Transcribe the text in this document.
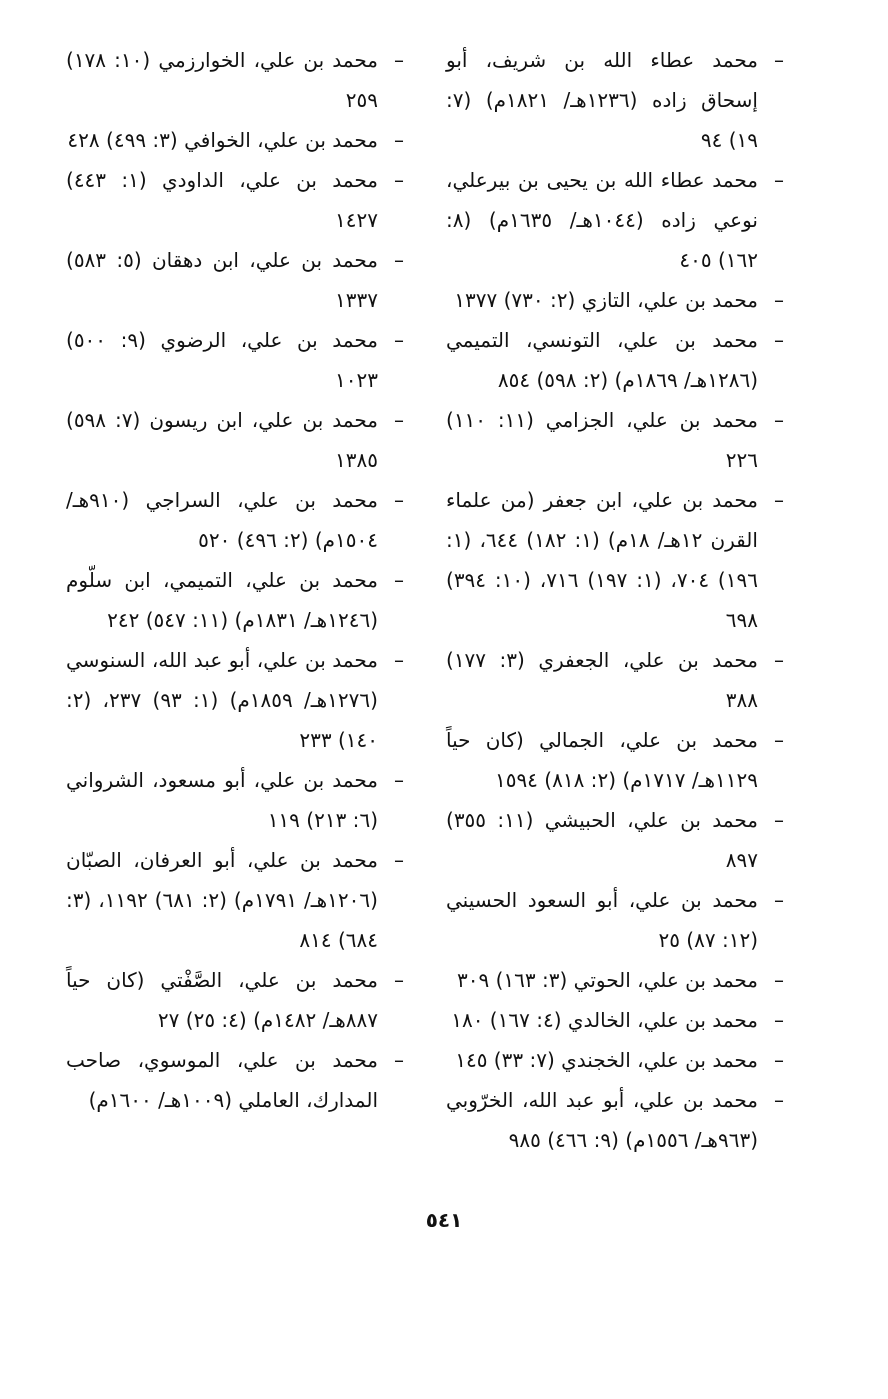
– محمد عطاء الله بن شريف، أبو إسحاق زاده (١٢٣٦هـ/ ١٨٢١م) (٧: ١٩) ٩٤

– محمد عطاء الله بن يحيى بن بيرعلي، نوعي زاده (١٠٤٤هـ/ ١٦٣٥م) (٨: ١٦٢) ٤٠٥

– محمد بن علي، التازي (٢: ٧٣٠) ١٣٧٧

– محمد بن علي، التونسي، التميمي (١٢٨٦هـ/ ١٨٦٩م) (٢: ٥٩٨) ٨٥٤

– محمد بن علي، الجزامي (١١: ١١٠) ٢٢٦

– محمد بن علي، ابن جعفر (من علماء القرن ١٢هـ/ ١٨م) (١: ١٨٢) ٦٤٤، (١: ١٩٦) ٧٠٤، (١: ١٩٧) ٧١٦، (١٠: ٣٩٤) ٦٩٨

– محمد بن علي، الجعفري (٣: ١٧٧) ٣٨٨

– محمد بن علي، الجمالي (كان حياً ١١٢٩هـ/ ١٧١٧م) (٢: ٨١٨) ١٥٩٤

– محمد بن علي، الحبيشي (١١: ٣٥٥) ٨٩٧

– محمد بن علي، أبو السعود الحسيني (١٢: ٨٧) ٢٥

– محمد بن علي، الحوتي (٣: ١٦٣) ٣٠٩

– محمد بن علي، الخالدي (٤: ١٦٧) ١٨٠

– محمد بن علي، الخجندي (٧: ٣٣) ١٤٥

– محمد بن علي، أبو عبد الله، الخرّوبي (٩٦٣هـ/ ١٥٥٦م) (٩: ٤٦٦) ٩٨٥

– محمد بن علي، الخوارزمي (١٠: ١٧٨) ٢٥٩

– محمد بن علي، الخوافي (٣: ٤٩٩) ٤٢٨

– محمد بن علي، الداودي (١: ٤٤٣) ١٤٢٧

– محمد بن علي، ابن دهقان (٥: ٥٨٣) ١٣٣٧

– محمد بن علي، الرضوي (٩: ٥٠٠) ١٠٢٣

– محمد بن علي، ابن ريسون (٧: ٥٩٨) ١٣٨٥

– محمد بن علي، السراجي (٩١٠هـ/ ١٥٠٤م) (٢: ٤٩٦) ٥٢٠

– محمد بن علي، التميمي، ابن سلّوم (١٢٤٦هـ/ ١٨٣١م) (١١: ٥٤٧) ٢٤٢

– محمد بن علي، أبو عبد الله، السنوسي (١٢٧٦هـ/ ١٨٥٩م) (١: ٩٣) ٢٣٧، (٢: ١٤٠) ٢٣٣

– محمد بن علي، أبو مسعود، الشرواني (٦: ٢١٣) ١١٩

– محمد بن علي، أبو العرفان، الصبّان (١٢٠٦هـ/ ١٧٩١م) (٢: ٦٨١) ١١٩٢، (٣: ٦٨٤) ٨١٤

– محمد بن علي، الصَّفْتي (كان حياً ٨٨٧هـ/ ١٤٨٢م) (٤: ٢٥) ٢٧

– محمد بن علي، الموسوي، صاحب المدارك، العاملي (١٠٠٩هـ/ ١٦٠٠م)

٥٤١
